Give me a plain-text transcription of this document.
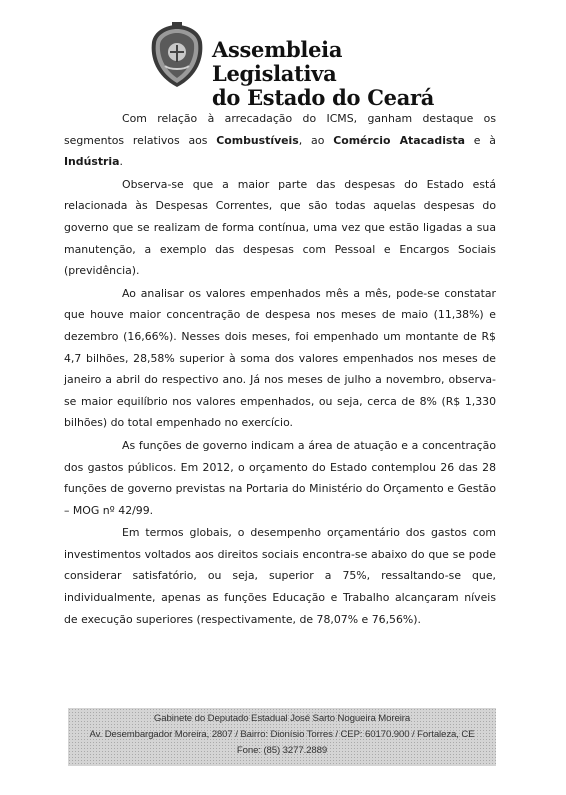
Assembleia Legislativa
do Estado do Ceará

Com relação à arrecadação do ICMS, ganham destaque os segmentos relativos aos Combustíveis, ao Comércio Atacadista e à Indústria.

Observa-se que a maior parte das despesas do Estado está relacionada às Despesas Correntes, que são todas aquelas despesas do governo que se realizam de forma contínua, uma vez que estão ligadas a sua manutenção, a exemplo das despesas com Pessoal e Encargos Sociais (previdência).

Ao analisar os valores empenhados mês a mês, pode-se constatar que houve maior concentração de despesa nos meses de maio (11,38%) e dezembro (16,66%). Nesses dois meses, foi empenhado um montante de R$ 4,7 bilhões, 28,58% superior à soma dos valores empenhados nos meses de janeiro a abril do respectivo ano. Já nos meses de julho a novembro, observa-se maior equilíbrio nos valores empenhados, ou seja, cerca de 8% (R$ 1,330 bilhões) do total empenhado no exercício.

As funções de governo indicam a área de atuação e a concentração dos gastos públicos. Em 2012, o orçamento do Estado contemplou 26 das 28 funções de governo previstas na Portaria do Ministério do Orçamento e Gestão – MOG nº 42/99.

Em termos globais, o desempenho orçamentário dos gastos com investimentos voltados aos direitos sociais encontra-se abaixo do que se pode considerar satisfatório, ou seja, superior a 75%, ressaltando-se que, individualmente, apenas as funções Educação e Trabalho alcançaram níveis de execução superiores (respectivamente, de 78,07% e 76,56%).

Gabinete do Deputado Estadual José Sarto Nogueira Moreira
Av. Desembargador Moreira, 2807 / Bairro: Dionísio Torres / CEP: 60170.900 / Fortaleza, CE
Fone: (85) 3277.2889
